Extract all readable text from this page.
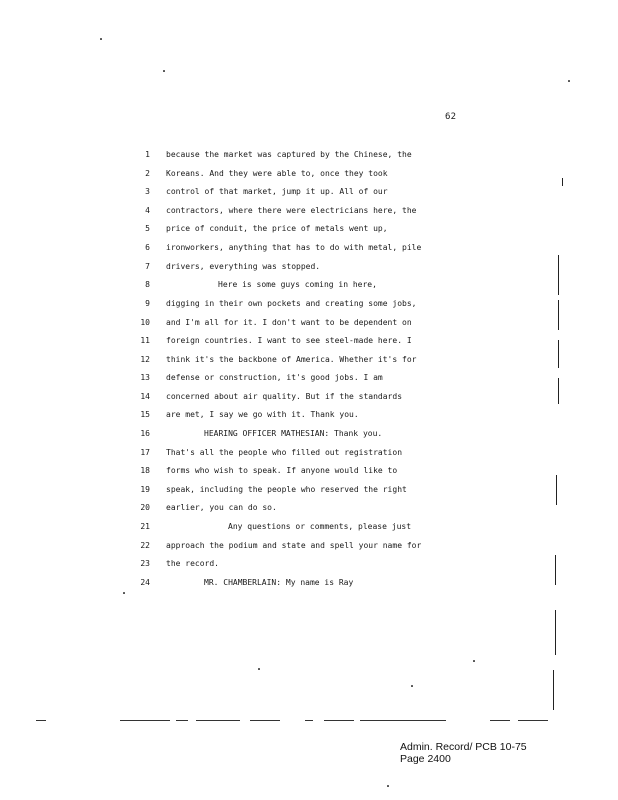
62
1 because the market was captured by the Chinese, the
2 Koreans. And they were able to, once they took
3 control of that market, jump it up. All of our
4 contractors, where there were electricians here, the
5 price of conduit, the price of metals went up,
6 ironworkers, anything that has to do with metal, pile
7 drivers, everything was stopped.
8	Here is some guys coming in here,
9 digging in their own pockets and creating some jobs,
10 and I'm all for it. I don't want to be dependent on
11 foreign countries. I want to see steel-made here. I
12 think it's the backbone of America. Whether it's for
13 defense or construction, it's good jobs. I am
14 concerned about air quality. But if the standards
15 are met, I say we go with it. Thank you.
16	HEARING OFFICER MATHESIAN: Thank you.
17 That's all the people who filled out registration
18 forms who wish to speak. If anyone would like to
19 speak, including the people who reserved the right
20 earlier, you can do so.
21	Any questions or comments, please just
22 approach the podium and state and spell your name for
23 the record.
24	MR. CHAMBERLAIN: My name is Ray
Admin. Record/ PCB 10-75
Page 2400
